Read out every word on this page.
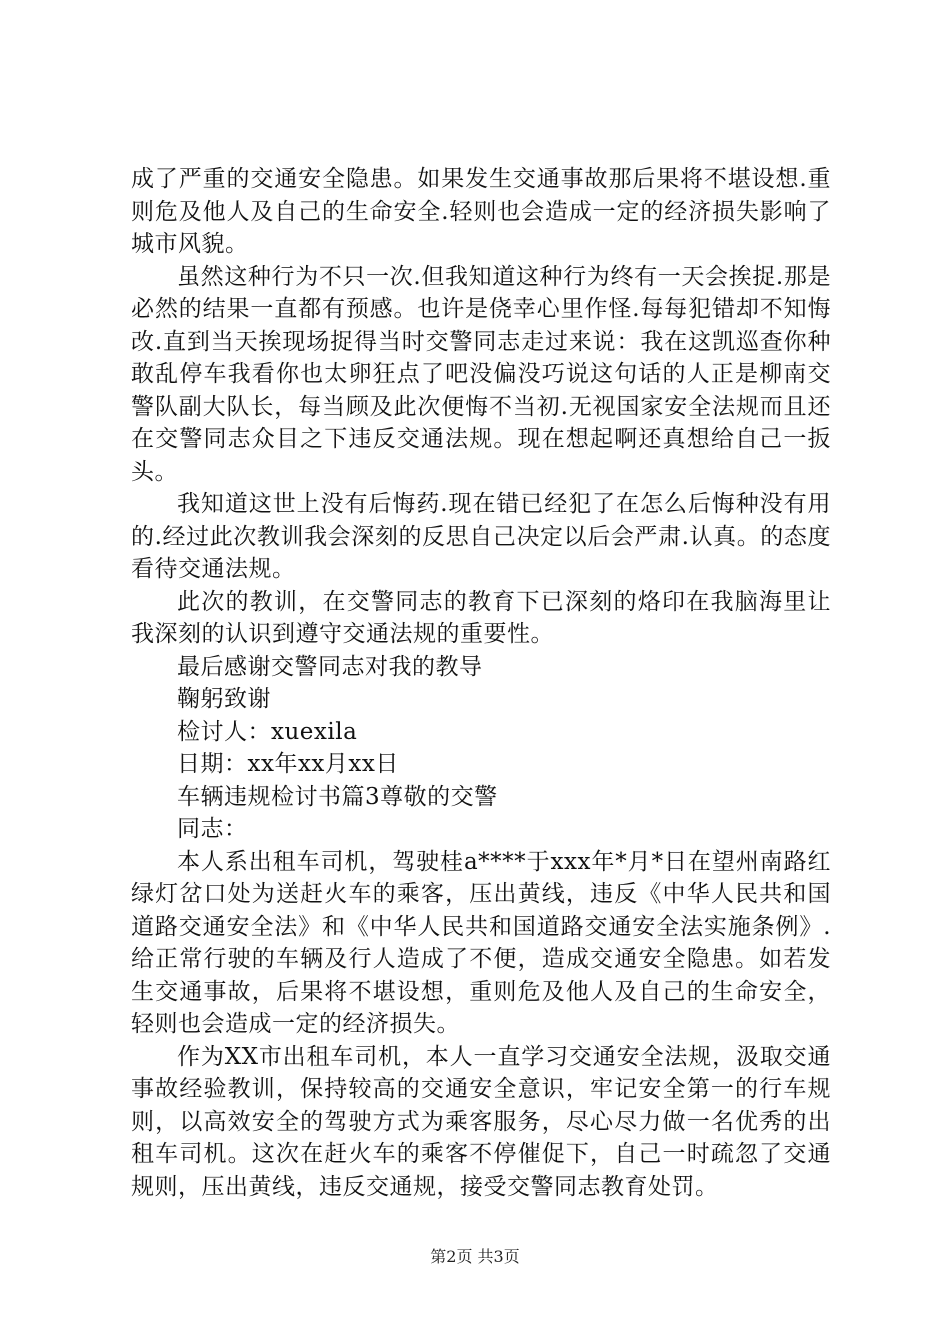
成了严重的交通安全隐患。如果发生交通事故那后果将不堪设想.重则危及他人及自己的生命安全.轻则也会造成一定的经济损失影响了城市风貌。

虽然这种行为不只一次.但我知道这种行为终有一天会挨捉.那是必然的结果一直都有预感。也许是侥幸心里作怪.每每犯错却不知悔改.直到当天挨现场捉得当时交警同志走过来说：我在这凯巡查你种敢乱停车我看你也太卵狂点了吧没偏没巧说这句话的人正是柳南交警队副大队长，每当顾及此次便悔不当初.无视国家安全法规而且还在交警同志众目之下违反交通法规。现在想起啊还真想给自己一扳头。

我知道这世上没有后悔药.现在错已经犯了在怎么后悔种没有用的.经过此次教训我会深刻的反思自己决定以后会严肃.认真。的态度看待交通法规。

此次的教训，在交警同志的教育下已深刻的烙印在我脑海里让我深刻的认识到遵守交通法规的重要性。

最后感谢交警同志对我的教导

鞠躬致谢

检讨人：xuexila

日期：xx年xx月xx日

车辆违规检讨书篇3尊敬的交警

同志：

本人系出租车司机，驾驶桂a****于xxx年*月*日在望州南路红绿灯岔口处为送赶火车的乘客，压出黄线，违反《中华人民共和国道路交通安全法》和《中华人民共和国道路交通安全法实施条例》.给正常行驶的车辆及行人造成了不便，造成交通安全隐患。如若发生交通事故，后果将不堪设想，重则危及他人及自己的生命安全，轻则也会造成一定的经济损失。

作为XX市出租车司机，本人一直学习交通安全法规，汲取交通事故经验教训，保持较高的交通安全意识，牢记安全第一的行车规则，以高效安全的驾驶方式为乘客服务，尽心尽力做一名优秀的出租车司机。这次在赶火车的乘客不停催促下，自己一时疏忽了交通规则，压出黄线，违反交通规，接受交警同志教育处罚。

第2页 共3页
